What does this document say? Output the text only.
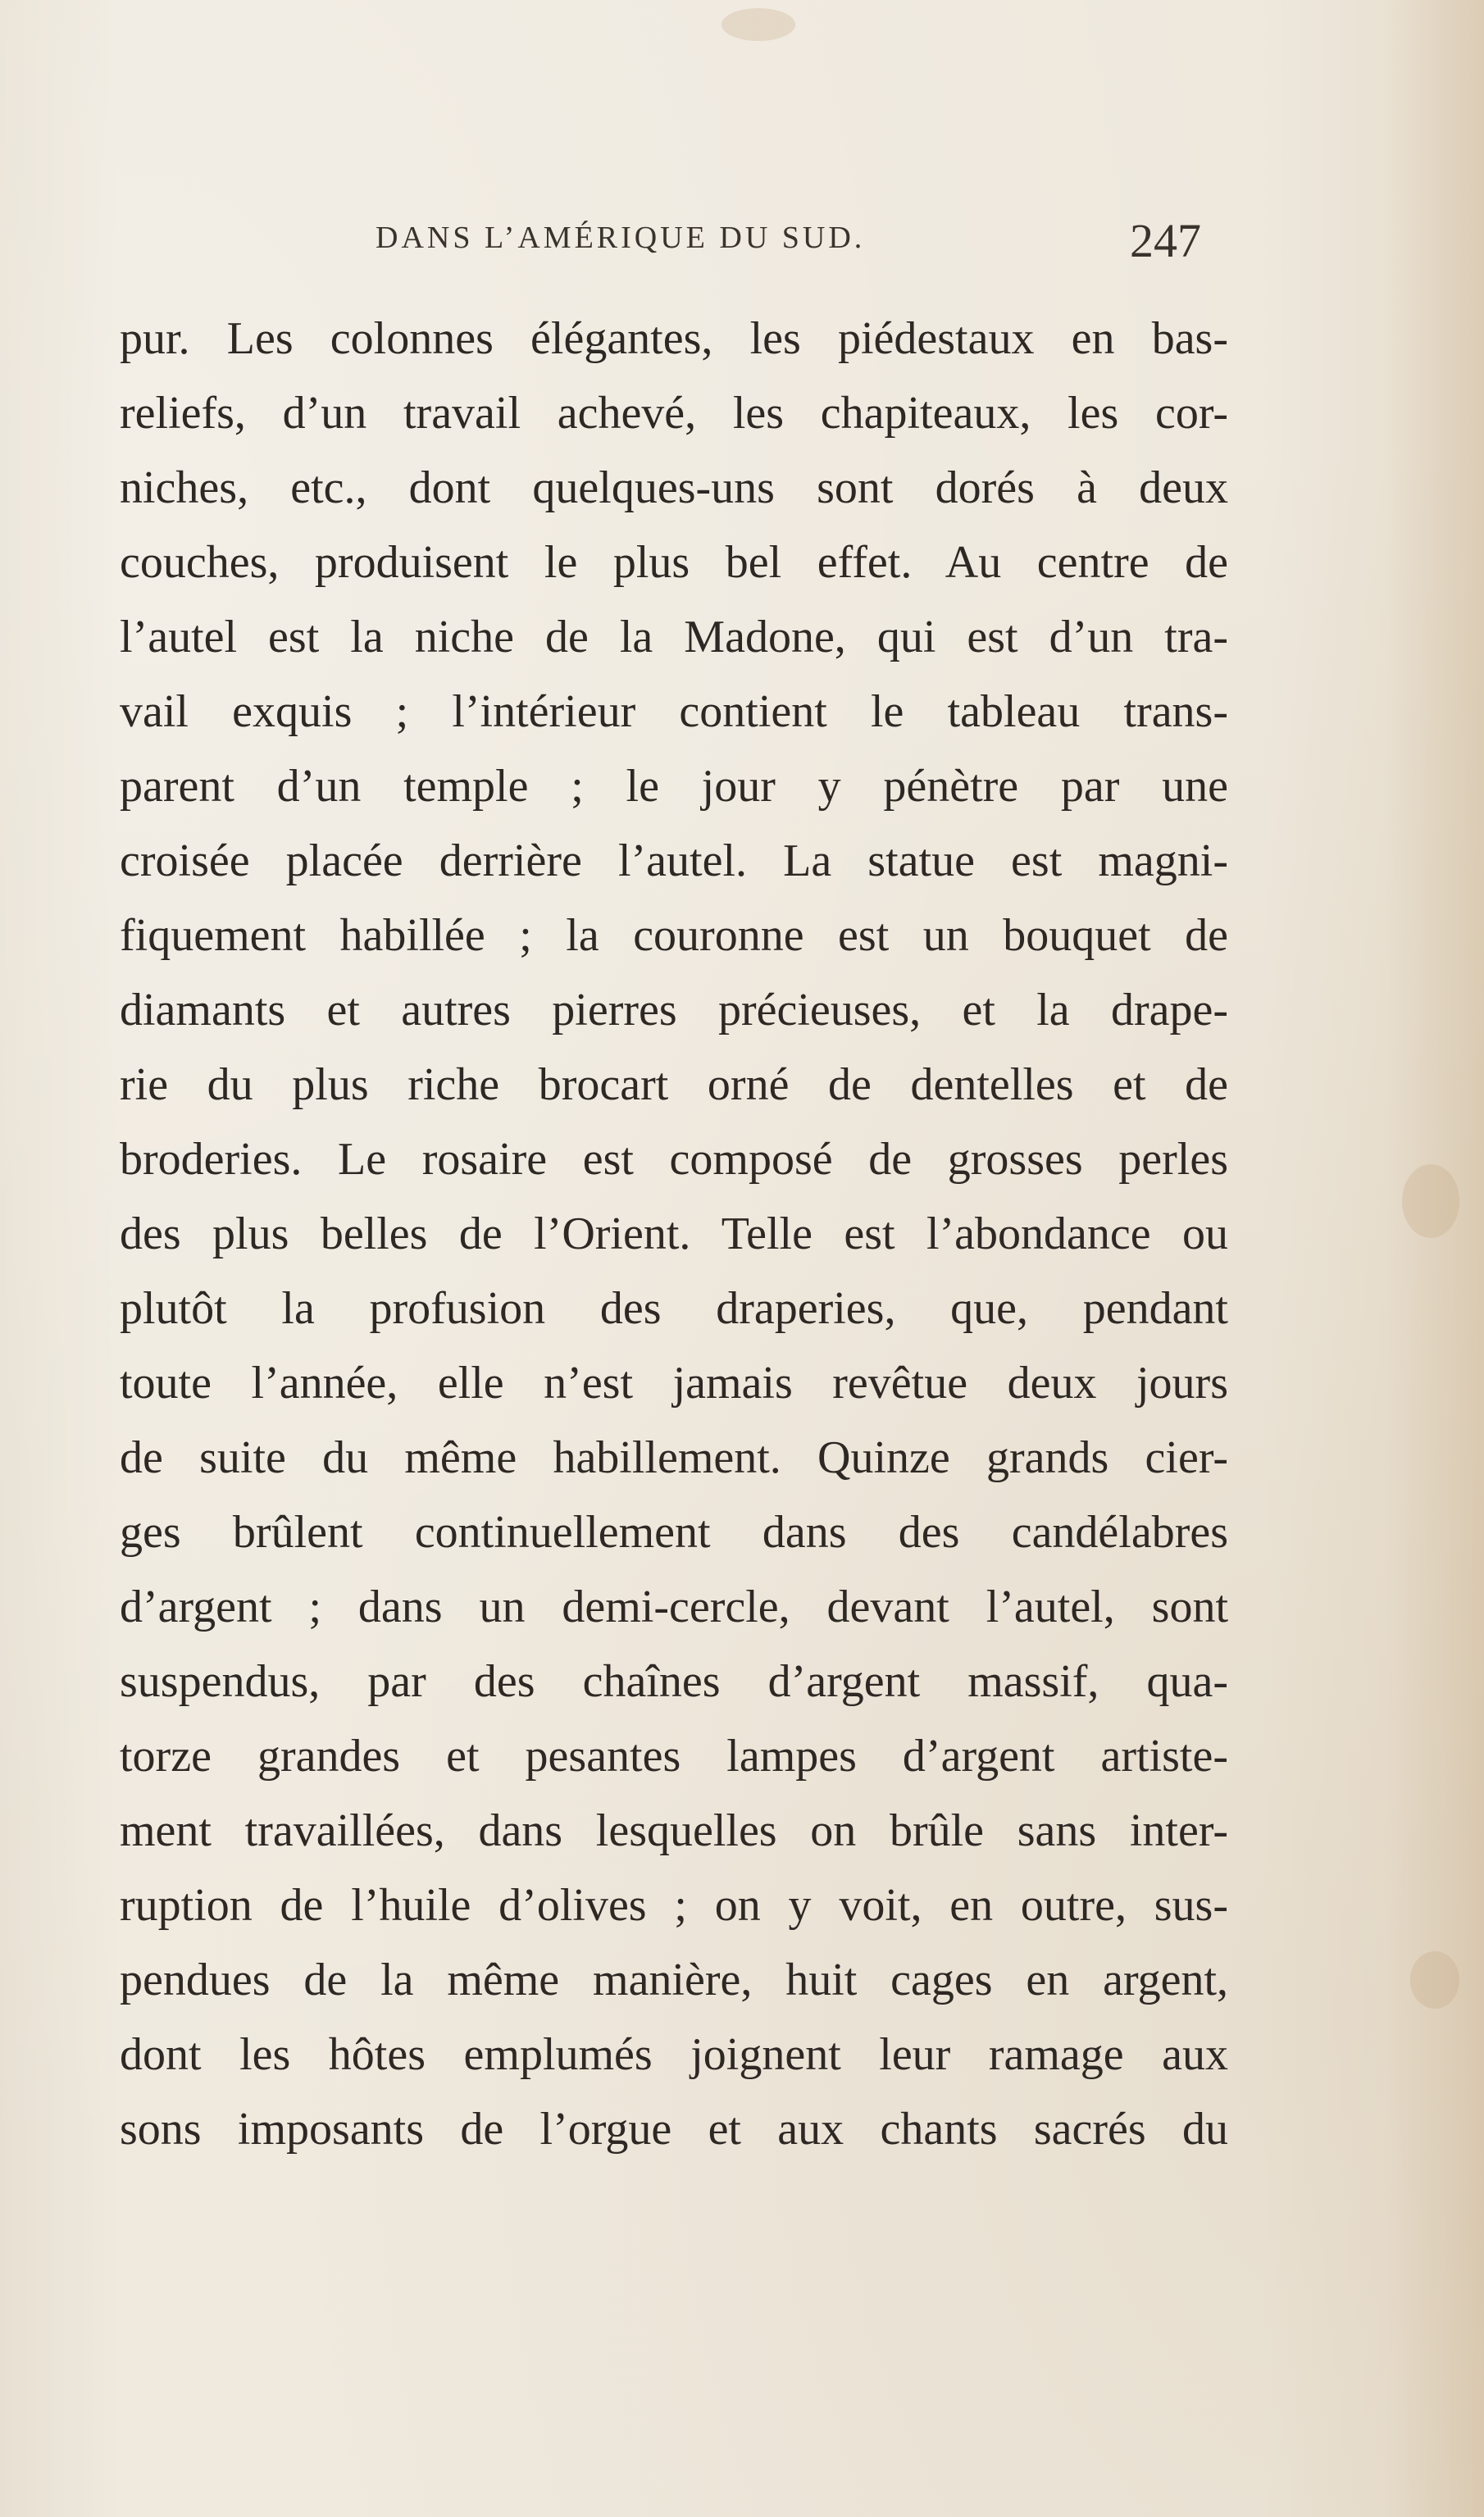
DANS L’AMÉRIQUE DU SUD.	247
pur. Les colonnes élégantes, les piédestaux en bas-
reliefs, d’un travail achevé, les chapiteaux, les cor-
niches, etc., dont quelques-uns sont dorés à deux
couches, produisent le plus bel effet. Au centre de
l’autel est la niche de la Madone, qui est d’un tra-
vail exquis ; l’intérieur contient le tableau trans-
parent d’un temple ; le jour y pénètre par une
croisée placée derrière l’autel. La statue est magni-
fiquement habillée ; la couronne est un bouquet de
diamants et autres pierres précieuses, et la drape-
rie du plus riche brocart orné de dentelles et de
broderies. Le rosaire est composé de grosses perles
des plus belles de l’Orient. Telle est l’abondance ou
plutôt la profusion des draperies, que, pendant
toute l’année, elle n’est jamais revêtue deux jours
de suite du même habillement. Quinze grands cier-
ges brûlent continuellement dans des candélabres
d’argent ; dans un demi-cercle, devant l’autel, sont
suspendus, par des chaînes d’argent massif, qua-
torze grandes et pesantes lampes d’argent artiste-
ment travaillées, dans lesquelles on brûle sans inter-
ruption de l’huile d’olives ; on y voit, en outre, sus-
pendues de la même manière, huit cages en argent,
dont les hôtes emplumés joignent leur ramage aux
sons imposants de l’orgue et aux chants sacrés du
